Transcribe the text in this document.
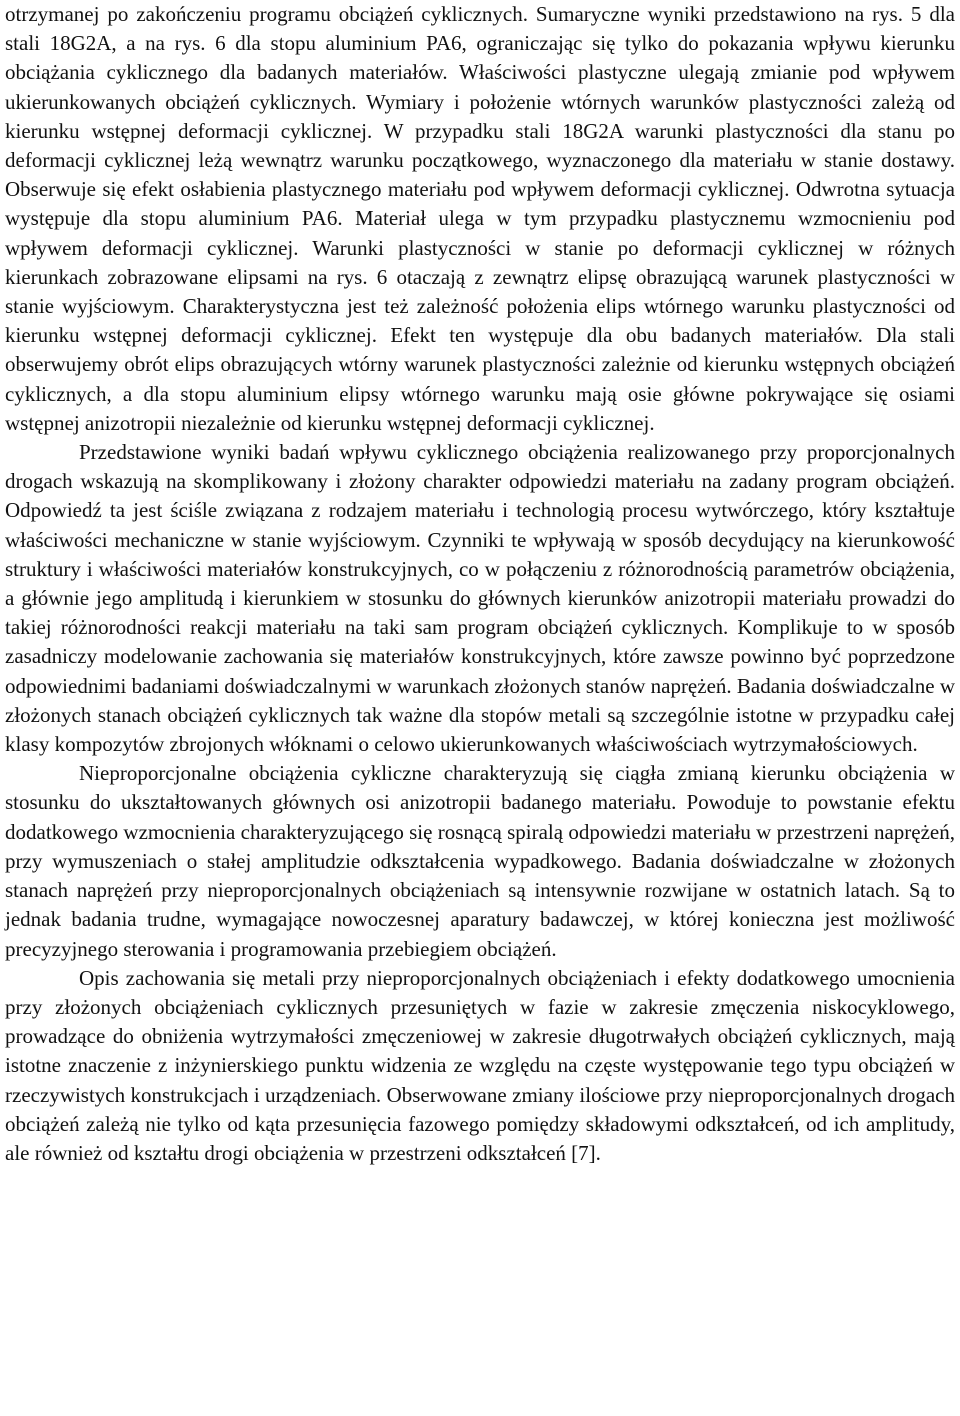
otrzymanej po zakończeniu programu obciążeń cyklicznych. Sumaryczne wyniki przedstawiono na rys. 5 dla stali 18G2A, a na rys. 6 dla stopu aluminium PA6, ograniczając się tylko do pokazania wpływu kierunku obciążania cyklicznego dla badanych materiałów. Właściwości plastyczne ulegają zmianie pod wpływem ukierunkowanych obciążeń cyklicznych. Wymiary i położenie wtórnych warunków plastyczności zależą od kierunku wstępnej deformacji cyklicznej. W przypadku stali 18G2A warunki plastyczności dla stanu po deformacji cyklicznej leżą wewnątrz warunku początkowego, wyznaczonego dla materiału w stanie dostawy. Obserwuje się efekt osłabienia plastycznego materiału pod wpływem deformacji cyklicznej. Odwrotna sytuacja występuje dla stopu aluminium PA6. Materiał ulega w tym przypadku plastycznemu wzmocnieniu pod wpływem deformacji cyklicznej. Warunki plastyczności w stanie po deformacji cyklicznej w różnych kierunkach zobrazowane elipsami na rys. 6 otaczają z zewnątrz elipsę obrazującą warunek plastyczności w stanie wyjściowym. Charakterystyczna jest też zależność położenia elips wtórnego warunku plastyczności od kierunku wstępnej deformacji cyklicznej. Efekt ten występuje dla obu badanych materiałów. Dla stali obserwujemy obrót elips obrazujących wtórny warunek plastyczności zależnie od kierunku wstępnych obciążeń cyklicznych, a dla stopu aluminium elipsy wtórnego warunku mają osie główne pokrywające się osiami wstępnej anizotropii niezależnie od kierunku wstępnej deformacji cyklicznej.

Przedstawione wyniki badań wpływu cyklicznego obciążenia realizowanego przy proporcjonalnych drogach wskazują na skomplikowany i złożony charakter odpowiedzi materiału na zadany program obciążeń. Odpowiedź ta jest ściśle związana z rodzajem materiału i technologią procesu wytwórczego, który kształtuje właściwości mechaniczne w stanie wyjściowym. Czynniki te wpływają w sposób decydujący na kierunkowość struktury i właściwości materiałów konstrukcyjnych, co w połączeniu z różnorodnością parametrów obciążenia, a głównie jego amplitudą i kierunkiem w stosunku do głównych kierunków anizotropii materiału prowadzi do takiej różnorodności reakcji materiału na taki sam program obciążeń cyklicznych. Komplikuje to w sposób zasadniczy modelowanie zachowania się materiałów konstrukcyjnych, które zawsze powinno być poprzedzone odpowiednimi badaniami doświadczalnymi w warunkach złożonych stanów naprężeń. Badania doświadczalne w złożonych stanach obciążeń cyklicznych tak ważne dla stopów metali są szczególnie istotne w przypadku całej klasy kompozytów zbrojonych włóknami o celowo ukierunkowanych właściwościach wytrzymałościowych.

Nieproporcjonalne obciążenia cykliczne charakteryzują się ciągła zmianą kierunku obciążenia w stosunku do ukształtowanych głównych osi anizotropii badanego materiału. Powoduje to powstanie efektu dodatkowego wzmocnienia charakteryzującego się rosnącą spiralą odpowiedzi materiału w przestrzeni naprężeń, przy wymuszeniach o stałej amplitudzie odkształcenia wypadkowego. Badania doświadczalne w złożonych stanach naprężeń przy nieproporcjonalnych obciążeniach są intensywnie rozwijane w ostatnich latach. Są to jednak badania trudne, wymagające nowoczesnej aparatury badawczej, w której konieczna jest możliwość precyzyjnego sterowania i programowania przebiegiem obciążeń.

Opis zachowania się metali przy nieproporcjonalnych obciążeniach i efekty dodatkowego umocnienia przy złożonych obciążeniach cyklicznych przesuniętych w fazie w zakresie zmęczenia niskocyklowego, prowadzące do obniżenia wytrzymałości zmęczeniowej w zakresie długotrwałych obciążeń cyklicznych, mają istotne znaczenie z inżynierskiego punktu widzenia ze względu na częste występowanie tego typu obciążeń w rzeczywistych konstrukcjach i urządzeniach. Obserwowane zmiany ilościowe przy nieproporcjonalnych drogach obciążeń zależą nie tylko od kąta przesunięcia fazowego pomiędzy składowymi odkształceń, od ich amplitudy, ale również od kształtu drogi obciążenia w przestrzeni odkształceń [7].
